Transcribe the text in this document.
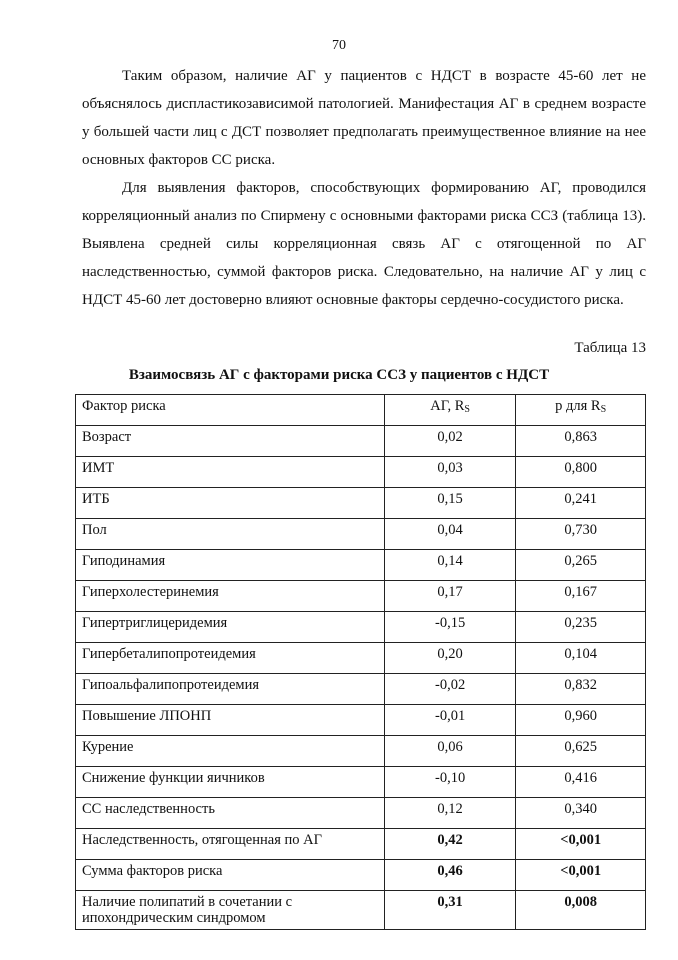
70

Таким образом, наличие АГ у пациентов с НДСТ в возрасте 45-60 лет не объяснялось диспластикозависимой патологией. Манифестация АГ в среднем возрасте у большей части лиц с ДСТ позволяет предполагать преимущественное влияние на нее основных факторов СС риска.

Для выявления факторов, способствующих формированию АГ, проводился корреляционный анализ по Спирмену с основными факторами риска ССЗ (таблица 13). Выявлена средней силы корреляционная связь АГ с отягощенной по АГ наследственностью, суммой факторов риска. Следовательно, на наличие АГ у лиц с НДСТ 45-60 лет достоверно влияют основные факторы сердечно-сосудистого риска.

Таблица 13
Взаимосвязь АГ с факторами риска ССЗ у пациентов с НДСТ
Фактор риска	АГ, $R_S$	р для $R_S$
Возраст	0,02	0,863
ИМТ	0,03	0,800
ИТБ	0,15	0,241
Пол	0,04	0,730
Гиподинамия	0,14	0,265
Гиперхолестеринемия	0,17	0,167
Гипертриглицеридемия	-0,15	0,235
Гипербеталипопротеидемия	0,20	0,104
Гипоальфалипопротеидемия	-0,02	0,832
Повышение ЛПОНП	-0,01	0,960
Курение	0,06	0,625
Снижение функции яичников	-0,10	0,416
СС наследственность	0,12	0,340
Наследственность, отягощенная по АГ	0,42	<0,001
Сумма факторов риска	0,46	<0,001
Наличие полипатий в сочетании с ипохондрическим синдромом	0,31	0,008
